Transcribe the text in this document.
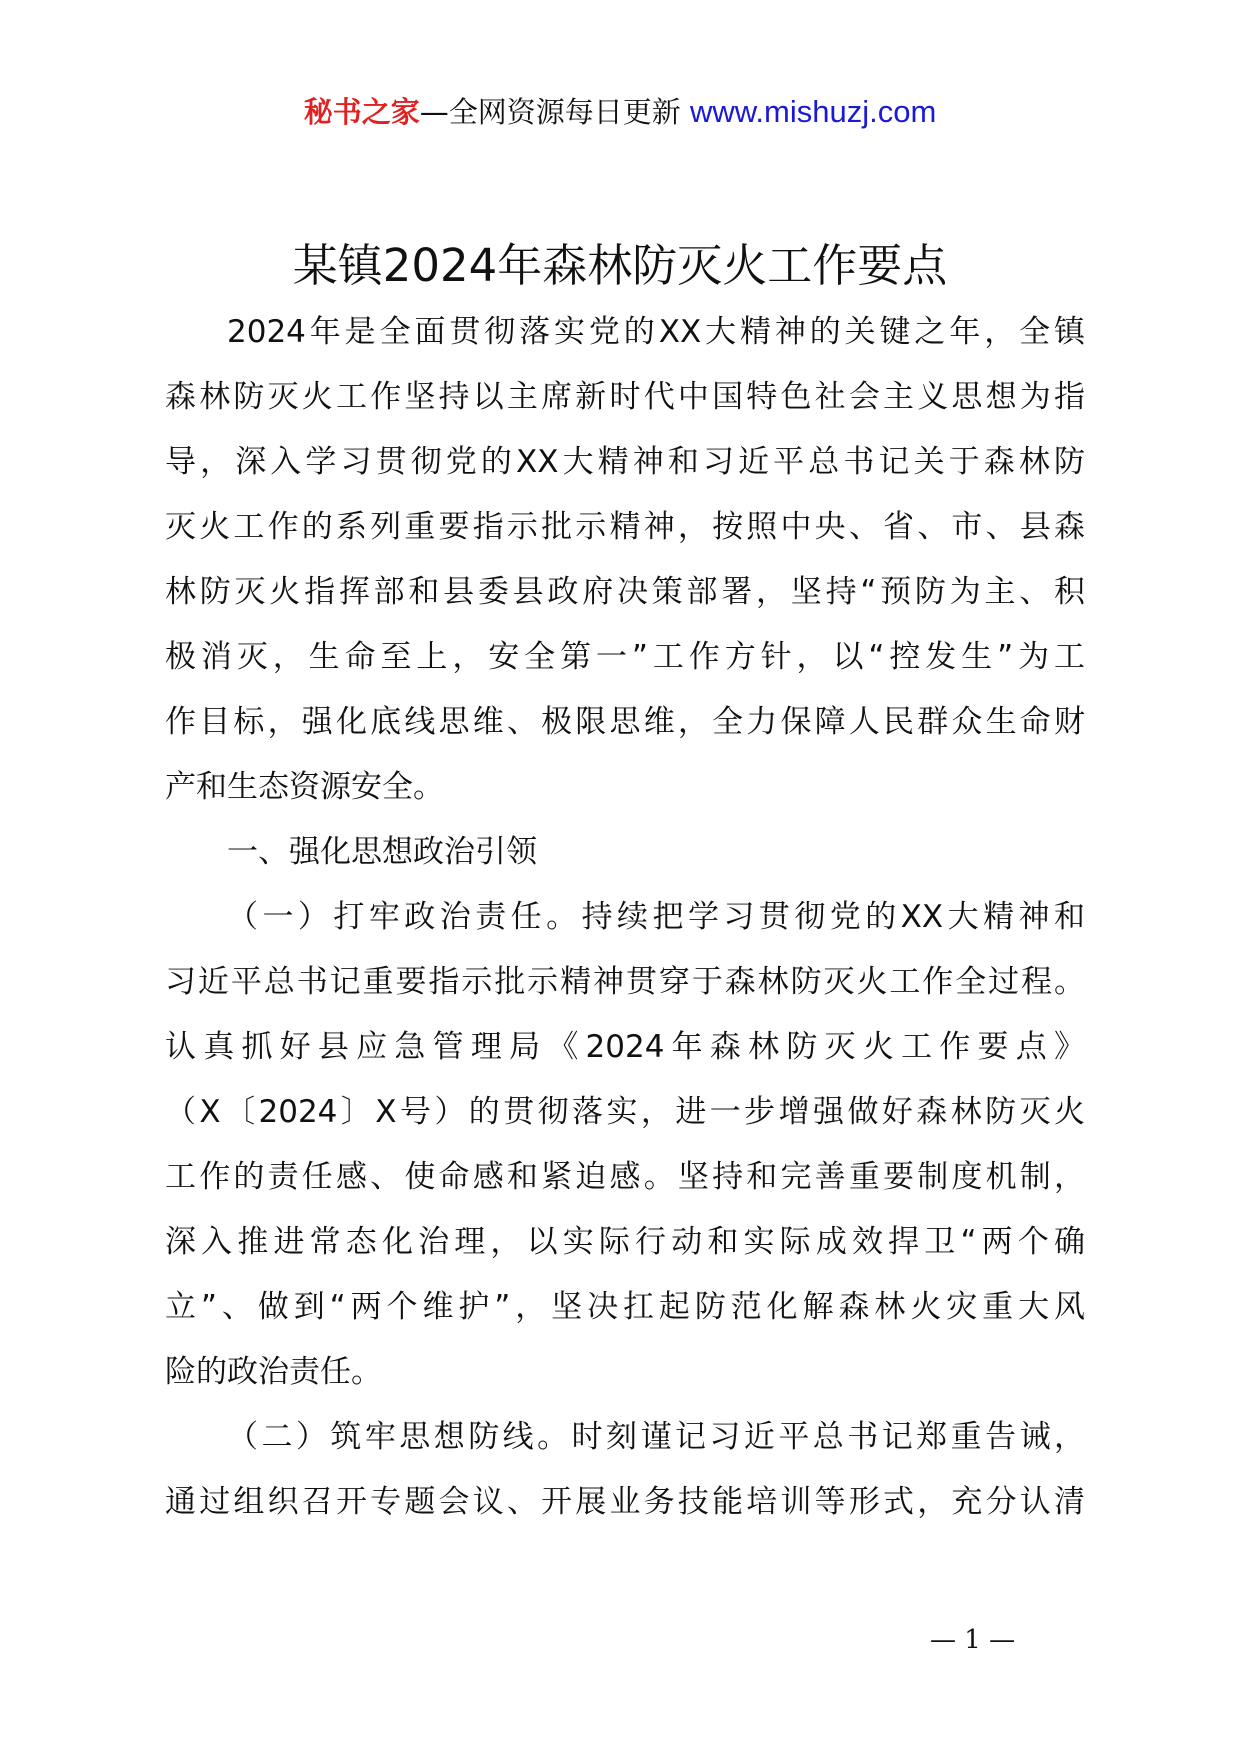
秘书之家—全网资源每日更新 www.mishuzj.com
某镇2024年森林防灭火工作要点
2024年是全面贯彻落实党的XX大精神的关键之年，全镇
森林防灭火工作坚持以主席新时代中国特色社会主义思想为指
导，深入学习贯彻党的XX大精神和习近平总书记关于森林防
灭火工作的系列重要指示批示精神，按照中央、省、市、县森
林防灭火指挥部和县委县政府决策部署，坚持“预防为主、积
极消灭，生命至上，安全第一”工作方针，以“控发生”为工
作目标，强化底线思维、极限思维，全力保障人民群众生命财
产和生态资源安全。
一、强化思想政治引领
（一）打牢政治责任。持续把学习贯彻党的XX大精神和
习近平总书记重要指示批示精神贯穿于森林防灭火工作全过程。
认真抓好县应急管理局《2024年森林防灭火工作要点》
（X〔2024〕X号）的贯彻落实，进一步增强做好森林防灭火
工作的责任感、使命感和紧迫感。坚持和完善重要制度机制，
深入推进常态化治理，以实际行动和实际成效捍卫“两个确
立”、做到“两个维护”，坚决扛起防范化解森林火灾重大风
险的政治责任。
（二）筑牢思想防线。时刻谨记习近平总书记郑重告诫，
通过组织召开专题会议、开展业务技能培训等形式，充分认清
— 1 —
